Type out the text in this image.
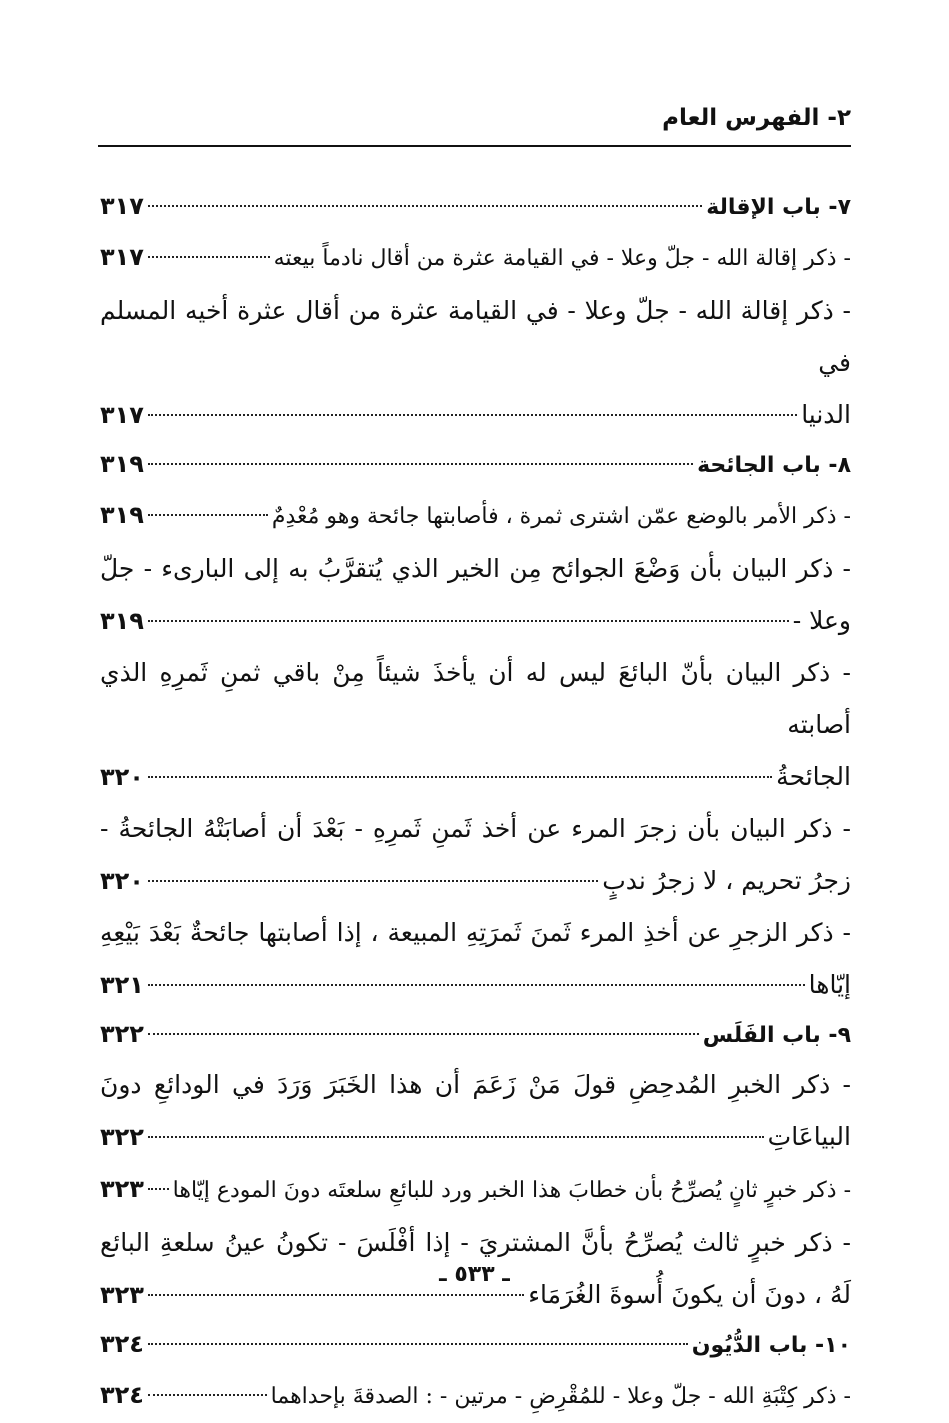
٢- الفهرس العام
٧- باب الإقالة
٣١٧
- ذكر إقالة الله - جلّ وعلا - في القيامة عثرة من أقال نادماً بيعته
٣١٧
- ذكر إقالة الله - جلّ وعلا - في القيامة عثرة من أقال عثرة أخيه المسلم في
الدنيا
٣١٧
٨- باب الجائحة
٣١٩
- ذكر الأمر بالوضع عمّن اشترى ثمرة ، فأصابتها جائحة وهو مُعْدِمٌ
٣١٩
- ذكر البيان بأن وَضْعَ الجوائح مِن الخير الذي يُتقرَّبُ به إلى البارىء - جلّ
وعلا -
٣١٩
- ذكر البيان بأنّ البائعَ ليس له أن يأخذَ شيئاً مِنْ باقي ثمنِ ثَمرِهِ الذي أصابته
الجائحةُ
٣٢٠
- ذكر البيان بأن زجرَ المرء عن أخذ ثَمنِ ثَمرِهِ - بَعْدَ أن أصابَتْهُ الجائحةُ -
زجرُ تحريم ، لا زجرُ ندبٍ
٣٢٠
- ذكر الزجرِ عن أخذِ المرء ثَمنَ ثَمرَتِهِ المبيعة ، إذا أصابتها جائحةٌ بَعْدَ بَيْعِهِ
إيّاها
٣٢١
٩- باب الفَلَس
٣٢٢
- ذكر الخبرِ المُدحِضِ قولَ مَنْ زَعَمَ أن هذا الخَبَرَ وَرَدَ في الودائعِ دونَ
البياعَاتِ
٣٢٢
- ذكر خبرٍ ثانٍ يُصرِّحُ بأن خطابَ هذا الخبر ورد للبائعِ سلعتَه دونَ المودع إيّاها
٣٢٣
- ذكر خبرٍ ثالث يُصرِّحُ بأنَّ المشتريَ - إذا أفْلَسَ - تكونُ عينُ سلعةِ البائع
لَهُ ، دونَ أن يكونَ أُسوةَ الغُرَمَاء
٣٢٣
١٠- باب الدُّيُون
٣٢٤
- ذكر كِتْبَةِ الله - جلّ وعلا - للمُقْرِضِ - مرتين - : الصدقةَ بإحداهما
٣٢٤
ـ ٥٣٣ ـ
